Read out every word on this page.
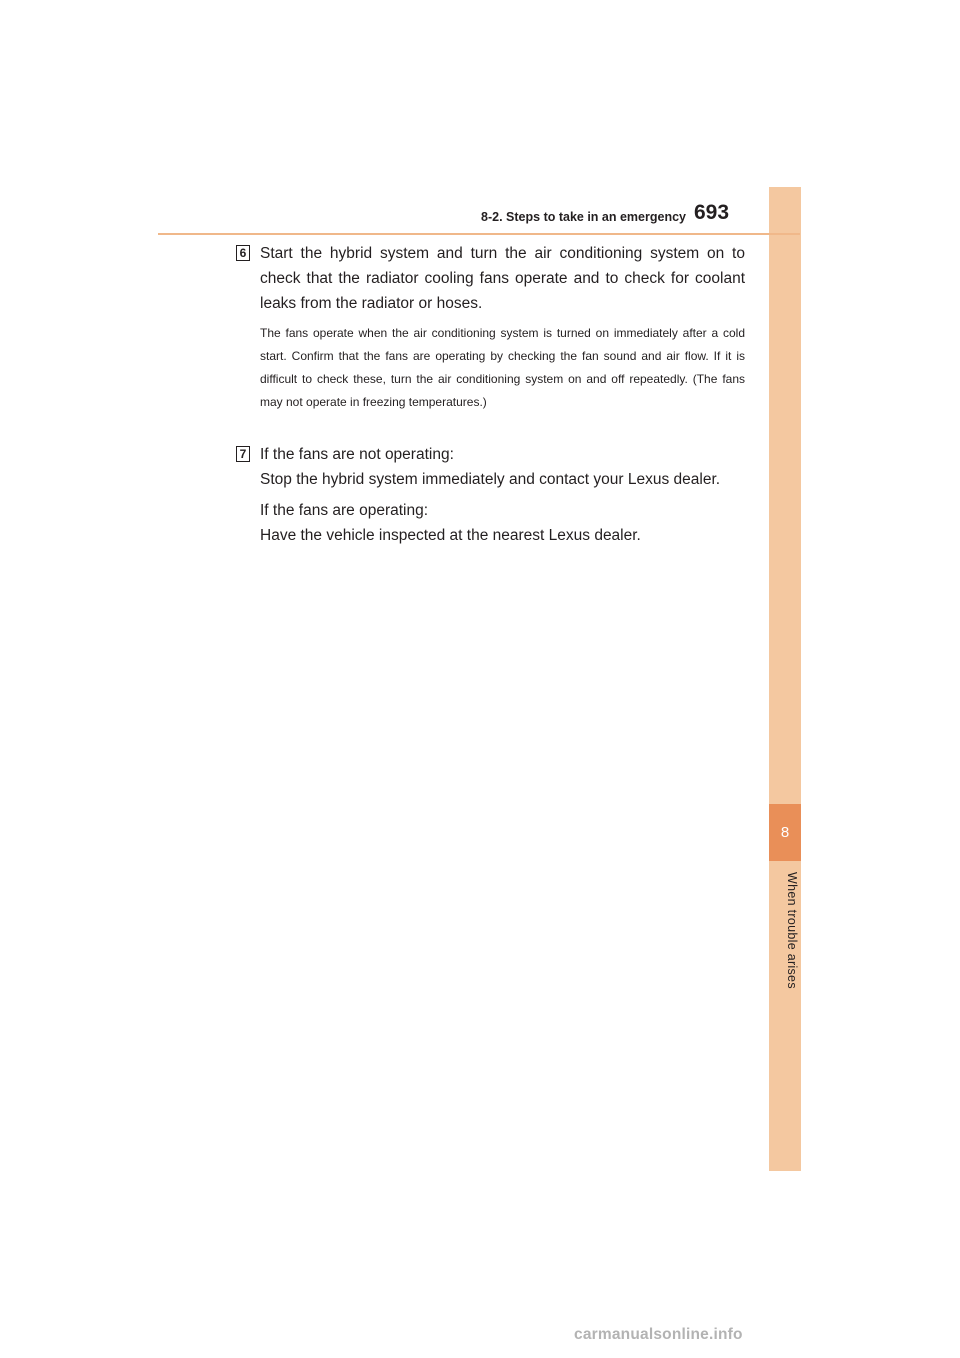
8
When trouble arises
8-2. Steps to take in an emergency 693
6 Start the hybrid system and turn the air conditioning system on to check that the radiator cooling fans operate and to check for coolant leaks from the radiator or hoses.
The fans operate when the air conditioning system is turned on immediately after a cold start. Confirm that the fans are operating by checking the fan sound and air flow. If it is difficult to check these, turn the air conditioning system on and off repeatedly. (The fans may not operate in freezing temperatures.)
7 If the fans are not operating:
Stop the hybrid system immediately and contact your Lexus dealer.
If the fans are operating:
Have the vehicle inspected at the nearest Lexus dealer.
carmanualsonline.info
